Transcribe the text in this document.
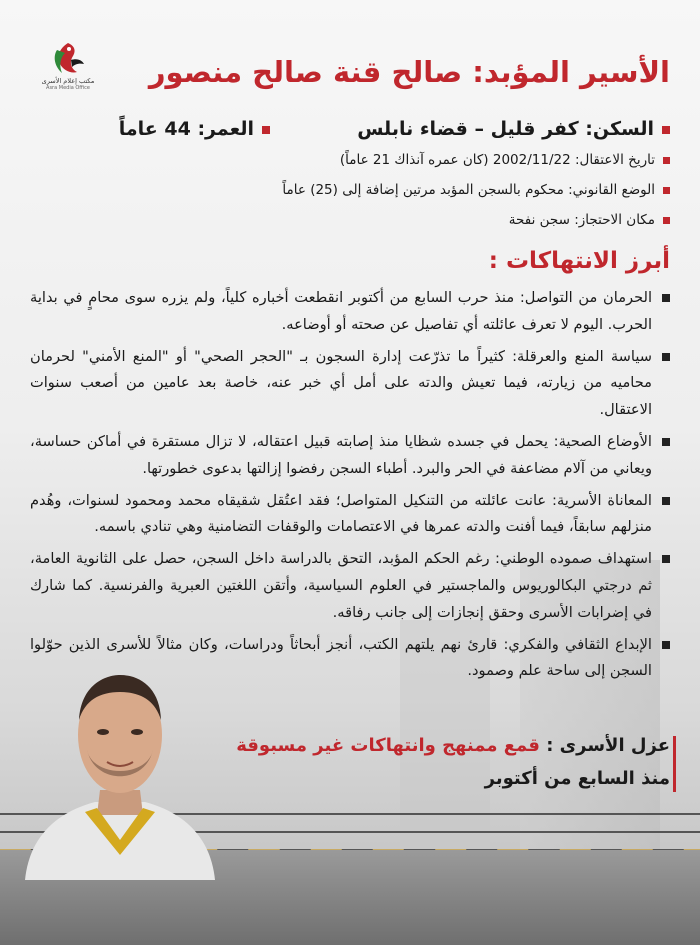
مكتب إعلام الأسرى
Asra Media Office الأسير المؤبد: صالح قنة صالح منصور
السكن: كفر قليل – قضاء نابلس
العمر: 44 عاماً
تاريخ الاعتقال: 2002/11/22 (كان عمره آنذاك 21 عاماً)
الوضع القانوني: محكوم بالسجن المؤبد مرتين إضافة إلى (25) عاماً
مكان الاحتجاز: سجن نفحة
أبرز الانتهاكات :

الحرمان من التواصل: منذ حرب السابع من أكتوبر انقطعت أخباره كلياً، ولم يزره سوى محامٍ في بداية الحرب. اليوم لا تعرف عائلته أي تفاصيل عن صحته أو أوضاعه.

سياسة المنع والعرقلة: كثيراً ما تذرّعت إدارة السجون بـ "الحجر الصحي" أو "المنع الأمني" لحرمان محاميه من زيارته، فيما تعيش والدته على أمل أي خبر عنه، خاصة بعد عامين من أصعب سنوات الاعتقال.

الأوضاع الصحية: يحمل في جسده شظايا منذ إصابته قبيل اعتقاله، لا تزال مستقرة في أماكن حساسة، ويعاني من آلام مضاعفة في الحر والبرد. أطباء السجن رفضوا إزالتها بدعوى خطورتها.

المعاناة الأسرية: عانت عائلته من التنكيل المتواصل؛ فقد اعتُقل شقيقاه محمد ومحمود لسنوات، وهُدم منزلهم سابقاً، فيما أفنت والدته عمرها في الاعتصامات والوقفات التضامنية وهي تنادي باسمه.

استهداف صموده الوطني: رغم الحكم المؤبد، التحق بالدراسة داخل السجن، حصل على الثانوية العامة، ثم درجتي البكالوريوس والماجستير في العلوم السياسية، وأتقن اللغتين العبرية والفرنسية. كما شارك في إضرابات الأسرى وحقق إنجازات إلى جانب رفاقه.

الإبداع الثقافي والفكري: قارئ نهم يلتهم الكتب، أنجز أبحاثاً ودراسات، وكان مثالاً للأسرى الذين حوّلوا السجن إلى ساحة علم وصمود.

عزل الأسرى : قمع ممنهج وانتهاكات غير مسبوقة
منذ السابع من أكتوبر
